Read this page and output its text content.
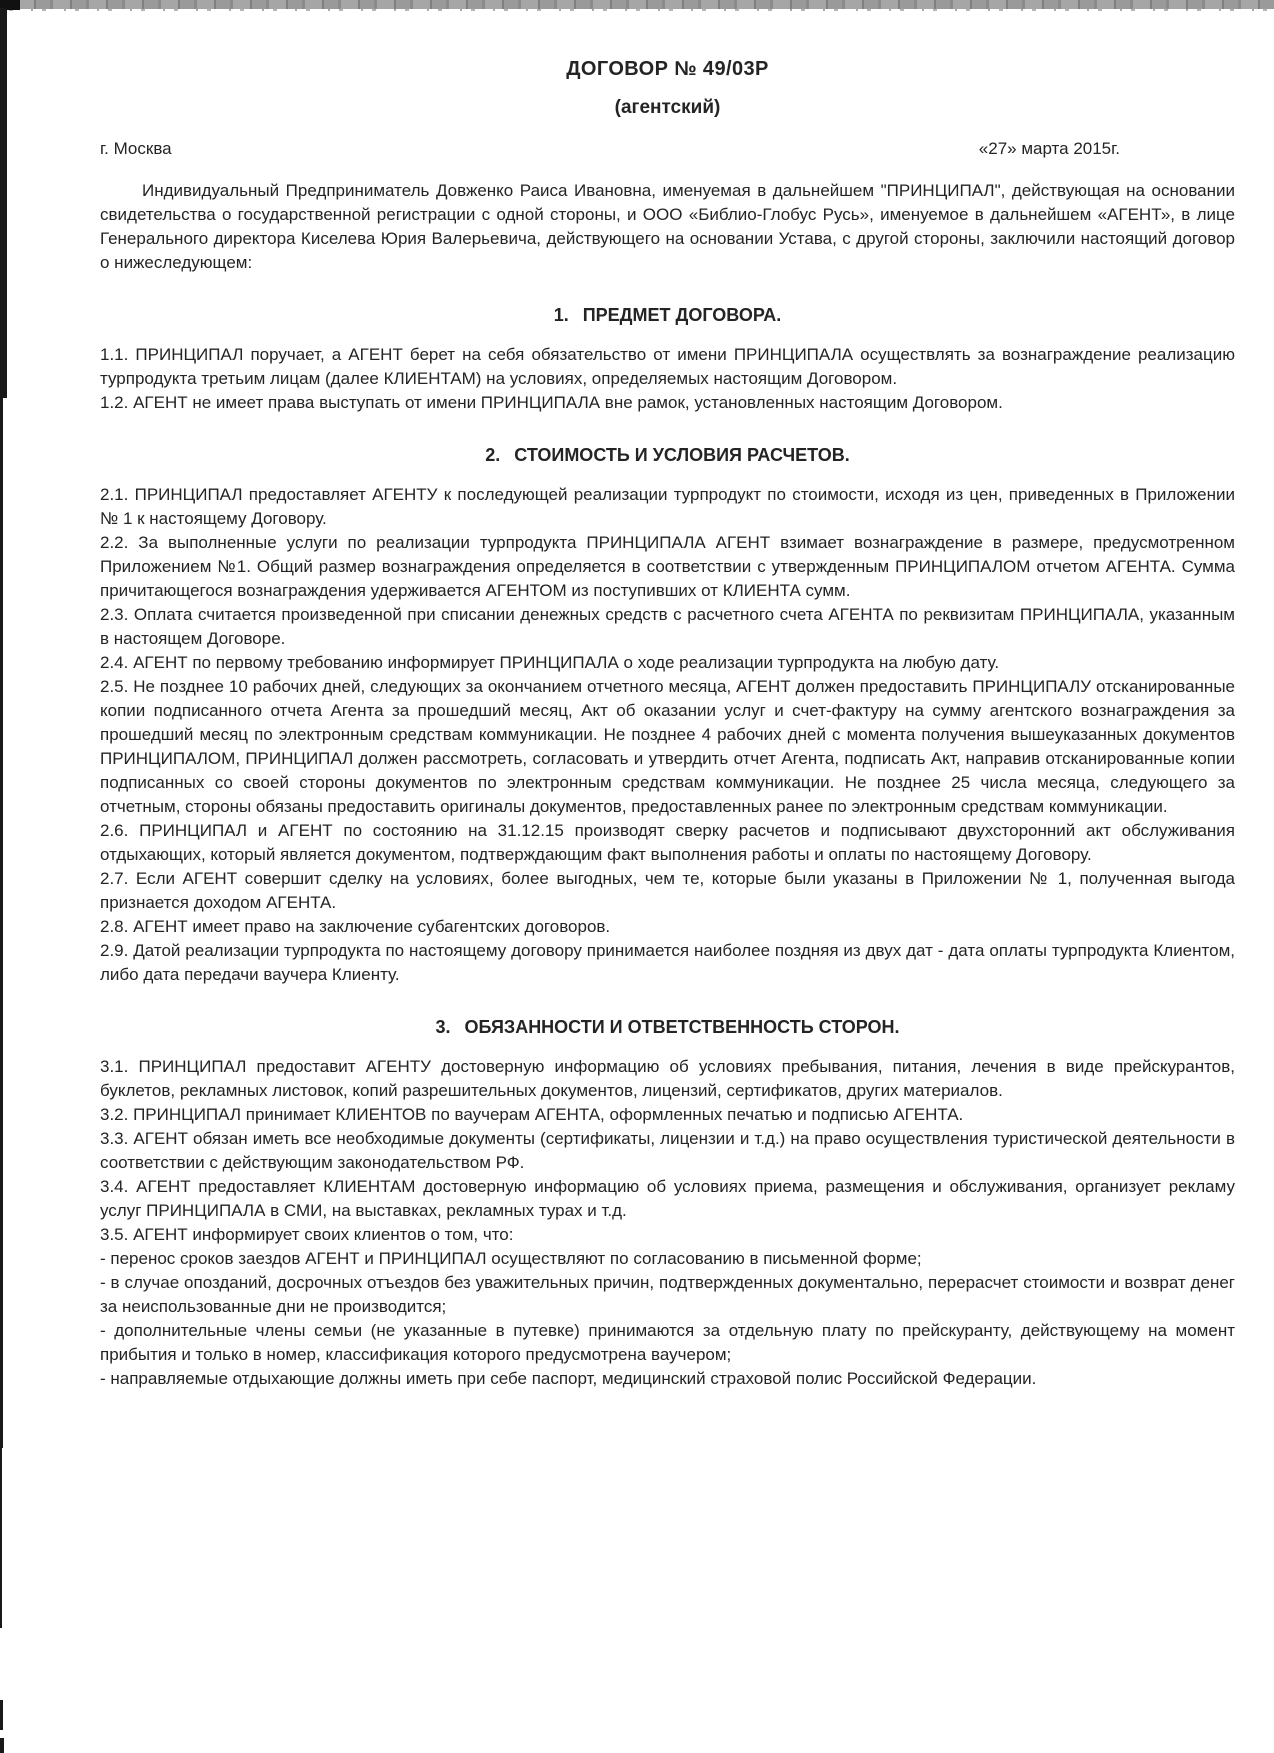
ДОГОВОР № 49/03Р
(агентский)
г. Москва	«27» марта 2015г.

Индивидуальный Предприниматель Довженко Раиса Ивановна, именуемая в дальнейшем "ПРИНЦИПАЛ", действующая на основании свидетельства о государственной регистрации с одной стороны, и ООО «Библио-Глобус Русь», именуемое в дальнейшем «АГЕНТ», в лице Генерального директора Киселева Юрия Валерьевича, действующего на основании Устава, с другой стороны, заключили настоящий договор о нижеследующем:

1. ПРЕДМЕТ ДОГОВОРА.

1.1. ПРИНЦИПАЛ поручает, а АГЕНТ берет на себя обязательство от имени ПРИНЦИПАЛА осуществлять за вознаграждение реализацию турпродукта третьим лицам (далее КЛИЕНТАМ) на условиях, определяемых настоящим Договором.

1.2. АГЕНТ не имеет права выступать от имени ПРИНЦИПАЛА вне рамок, установленных настоящим Договором.

2. СТОИМОСТЬ И УСЛОВИЯ РАСЧЕТОВ.

2.1. ПРИНЦИПАЛ предоставляет АГЕНТУ к последующей реализации турпродукт по стоимости, исходя из цен, приведенных в Приложении № 1 к настоящему Договору.

2.2. За выполненные услуги по реализации турпродукта ПРИНЦИПАЛА АГЕНТ взимает вознаграждение в размере, предусмотренном Приложением №1. Общий размер вознаграждения определяется в соответствии с утвержденным ПРИНЦИПАЛОМ отчетом АГЕНТА. Сумма причитающегося вознаграждения удерживается АГЕНТОМ из поступивших от КЛИЕНТА сумм.

2.3. Оплата считается произведенной при списании денежных средств с расчетного счета АГЕНТА по реквизитам ПРИНЦИПАЛА, указанным в настоящем Договоре.

2.4. АГЕНТ по первому требованию информирует ПРИНЦИПАЛА о ходе реализации турпродукта на любую дату.

2.5. Не позднее 10 рабочих дней, следующих за окончанием отчетного месяца, АГЕНТ должен предоставить ПРИНЦИПАЛУ отсканированные копии подписанного отчета Агента за прошедший месяц, Акт об оказании услуг и счет-фактуру на сумму агентского вознаграждения за прошедший месяц по электронным средствам коммуникации. Не позднее 4 рабочих дней с момента получения вышеуказанных документов ПРИНЦИПАЛОМ, ПРИНЦИПАЛ должен рассмотреть, согласовать и утвердить отчет Агента, подписать Акт, направив отсканированные копии подписанных со своей стороны документов по электронным средствам коммуникации. Не позднее 25 числа месяца, следующего за отчетным, стороны обязаны предоставить оригиналы документов, предоставленных ранее по электронным средствам коммуникации.

2.6. ПРИНЦИПАЛ и АГЕНТ по состоянию на 31.12.15 производят сверку расчетов и подписывают двухсторонний акт обслуживания отдыхающих, который является документом, подтверждающим факт выполнения работы и оплаты по настоящему Договору.

2.7. Если АГЕНТ совершит сделку на условиях, более выгодных, чем те, которые были указаны в Приложении № 1, полученная выгода признается доходом АГЕНТА.

2.8. АГЕНТ имеет право на заключение субагентских договоров.

2.9. Датой реализации турпродукта по настоящему договору принимается наиболее поздняя из двух дат - дата оплаты турпродукта Клиентом, либо дата передачи ваучера Клиенту.

3. ОБЯЗАННОСТИ И ОТВЕТСТВЕННОСТЬ СТОРОН.

3.1. ПРИНЦИПАЛ предоставит АГЕНТУ достоверную информацию об условиях пребывания, питания, лечения в виде прейскурантов, буклетов, рекламных листовок, копий разрешительных документов, лицензий, сертификатов, других материалов.

3.2. ПРИНЦИПАЛ принимает КЛИЕНТОВ по ваучерам АГЕНТА, оформленных печатью и подписью АГЕНТА.

3.3. АГЕНТ обязан иметь все необходимые документы (сертификаты, лицензии и т.д.) на право осуществления туристической деятельности в соответствии с действующим законодательством РФ.

3.4. АГЕНТ предоставляет КЛИЕНТАМ достоверную информацию об условиях приема, размещения и обслуживания, организует рекламу услуг ПРИНЦИПАЛА в СМИ, на выставках, рекламных турах и т.д.

3.5. АГЕНТ информирует своих клиентов о том, что:

- перенос сроков заездов АГЕНТ и ПРИНЦИПАЛ осуществляют по согласованию в письменной форме;

- в случае опозданий, досрочных отъездов без уважительных причин, подтвержденных документально, перерасчет стоимости и возврат денег за неиспользованные дни не производится;

- дополнительные члены семьи (не указанные в путевке) принимаются за отдельную плату по прейскуранту, действующему на момент прибытия и только в номер, классификация которого предусмотрена ваучером;

- направляемые отдыхающие должны иметь при себе паспорт, медицинский страховой полис Российской Федерации.
